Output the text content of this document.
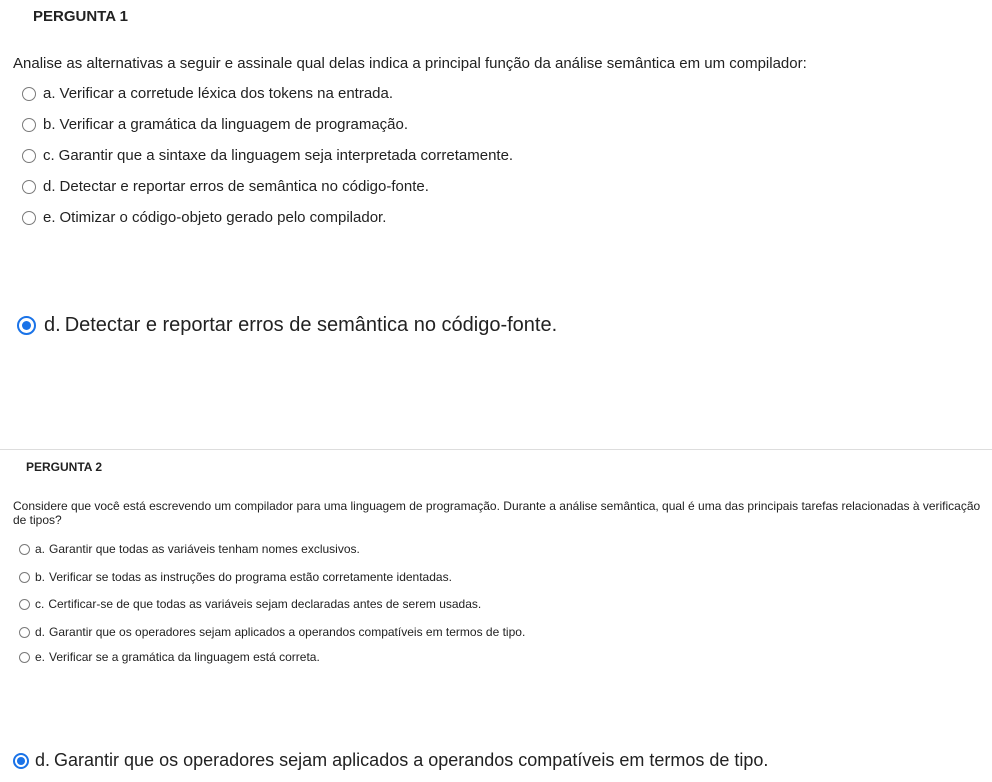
PERGUNTA 1
Analise as alternativas a seguir e assinale qual delas indica a principal função da análise semântica em um compilador:
a. Verificar a corretude léxica dos tokens na entrada.
b. Verificar a gramática da linguagem de programação.
c. Garantir que a sintaxe da linguagem seja interpretada corretamente.
d. Detectar e reportar erros de semântica no código-fonte.
e. Otimizar o código-objeto gerado pelo compilador.
d. Detectar e reportar erros de semântica no código-fonte.
PERGUNTA 2
Considere que você está escrevendo um compilador para uma linguagem de programação. Durante a análise semântica, qual é uma das principais tarefas relacionadas à verificação de tipos?
a. Garantir que todas as variáveis tenham nomes exclusivos.
b. Verificar se todas as instruções do programa estão corretamente identadas.
c. Certificar-se de que todas as variáveis sejam declaradas antes de serem usadas.
d. Garantir que os operadores sejam aplicados a operandos compatíveis em termos de tipo.
e. Verificar se a gramática da linguagem está correta.
d. Garantir que os operadores sejam aplicados a operandos compatíveis em termos de tipo.
